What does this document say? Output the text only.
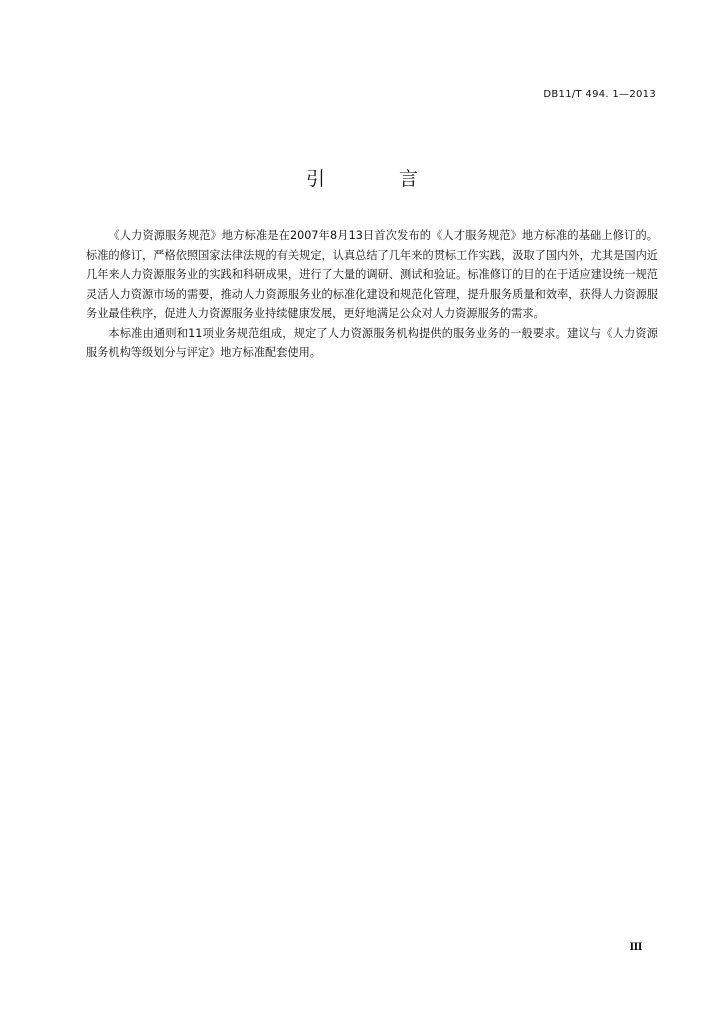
DB11/T 494. 1—2013
引 言

《人力资源服务规范》地方标准是在2007年8月13日首次发布的《人才服务规范》地方标准的基础上修订的。标准的修订，严格依照国家法律法规的有关规定，认真总结了几年来的贯标工作实践，汲取了国内外，尤其是国内近几年来人力资源服务业的实践和科研成果，进行了大量的调研、测试和验证。标准修订的目的在于适应建设统一规范灵活人力资源市场的需要，推动人力资源服务业的标准化建设和规范化管理，提升服务质量和效率，获得人力资源服务业最佳秩序，促进人力资源服务业持续健康发展，更好地满足公众对人力资源服务的需求。

本标准由通则和11项业务规范组成，规定了人力资源服务机构提供的服务业务的一般要求。建议与《人力资源服务机构等级划分与评定》地方标准配套使用。

III
